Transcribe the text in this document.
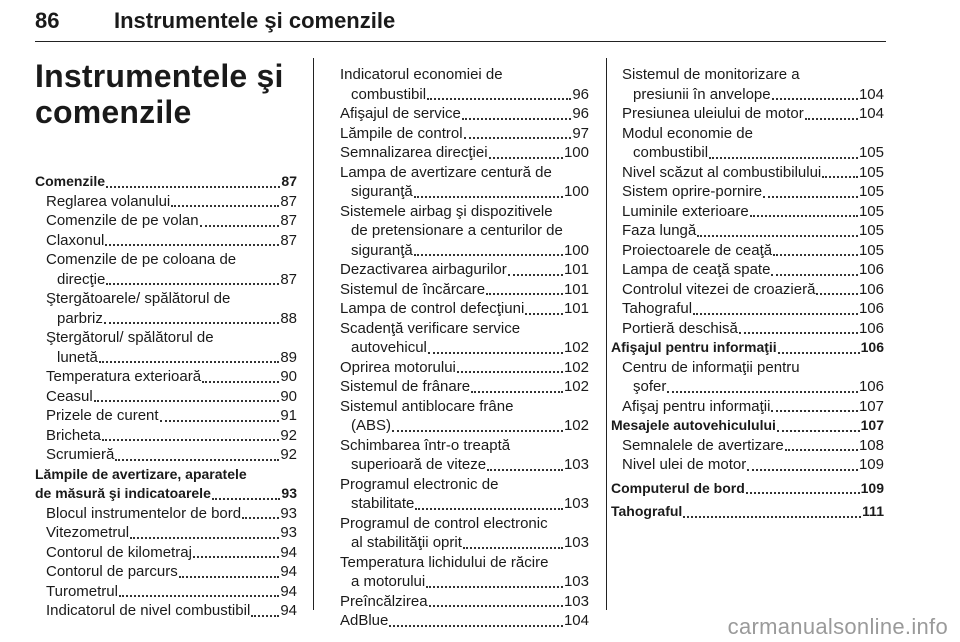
86 Instrumentele şi comenzile
Instrumentele şi
comenzile
Comenzile	87
Reglarea volanului	87
Comenzile de pe volan	87
Claxonul	87
Comenzile de pe coloana de
direcţie	87
Ştergătoarele/ spălătorul de
parbriz	88
Ştergătorul/ spălătorul de
lunetă	89
Temperatura exterioară	90
Ceasul	90
Prizele de curent	91
Bricheta	92
Scrumieră	92
Lămpile de avertizare, aparatele
de măsură şi indicatoarele	93
Blocul instrumentelor de bord	93
Vitezometrul	93
Contorul de kilometraj	94
Contorul de parcurs	94
Turometrul	94
Indicatorul de nivel combustibil 94
Indicatorul economiei de
combustibil	96
Afişajul de service	96
Lămpile de control	97
Semnalizarea direcţiei	100
Lampa de avertizare centură de
siguranţă	100
Sistemele airbag şi dispozitivele
de pretensionare a centurilor de
siguranţă	100
Dezactivarea airbagurilor	101
Sistemul de încărcare	101
Lampa de control defecţiuni	101
Scadenţă verificare service
autovehicul	102
Oprirea motorului	102
Sistemul de frânare	102
Sistemul antiblocare frâne
(ABS)	102
Schimbarea într-o treaptă
superioară de viteze	103
Programul electronic de
stabilitate	103
Programul de control electronic
al stabilităţii oprit	103
Temperatura lichidului de răcire
a motorului	103
Preîncălzirea	103
AdBlue	104
Sistemul de monitorizare a
presiunii în anvelope	104
Presiunea uleiului de motor	104
Modul economie de
combustibil	105
Nivel scăzut al combustibilului	105
Sistem oprire-pornire	105
Luminile exterioare	105
Faza lungă	105
Proiectoarele de ceaţă	105
Lampa de ceaţă spate	106
Controlul vitezei de croazieră	106
Tahograful	106
Portieră deschisă	106
Afişajul pentru informaţii	106
Centru de informaţii pentru
şofer	106
Afişaj pentru informaţii	107
Mesajele autovehiculului	107
Semnalele de avertizare	108
Nivel ulei de motor	109
Computerul de bord	109
Tahograful	111
carmanualsonline.info
